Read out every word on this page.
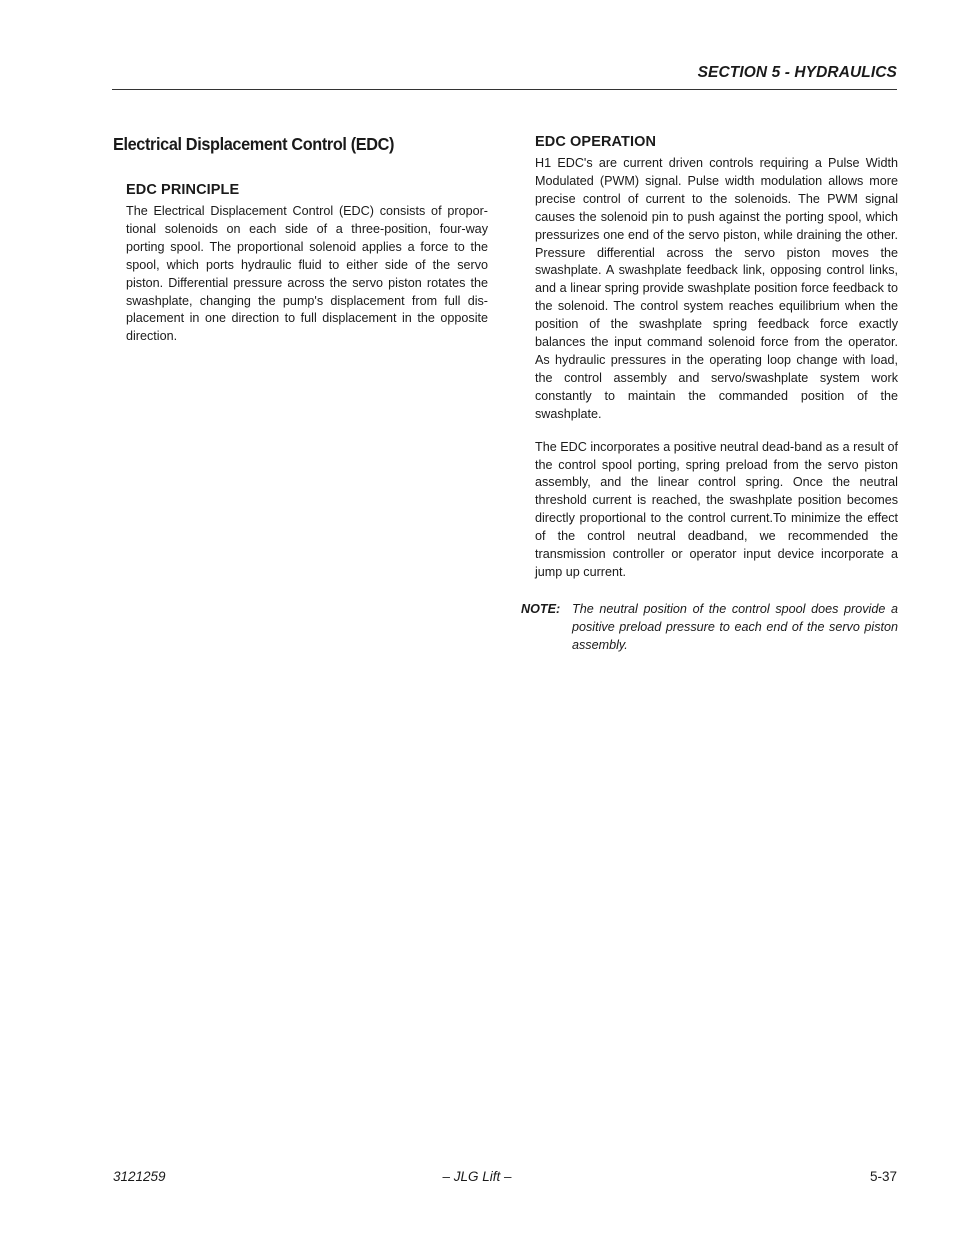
SECTION 5 - HYDRAULICS
Electrical Displacement Control (EDC)
EDC PRINCIPLE

The Electrical Displacement Control (EDC) consists of proportional solenoids on each side of a three-position, four-way porting spool. The proportional solenoid applies a force to the spool, which ports hydraulic fluid to either side of the servo piston. Differential pressure across the servo piston rotates the swashplate, changing the pump's displacement from full displacement in one direction to full displacement in the opposite direction.

EDC OPERATION

H1 EDC's are current driven controls requiring a Pulse Width Modulated (PWM) signal. Pulse width modulation allows more precise control of current to the solenoids. The PWM signal causes the solenoid pin to push against the porting spool, which pressurizes one end of the servo piston, while draining the other. Pressure differential across the servo piston moves the swashplate. A swashplate feedback link, opposing control links, and a linear spring provide swashplate position force feedback to the solenoid. The control system reaches equilibrium when the position of the swashplate spring feedback force exactly balances the input command solenoid force from the operator. As hydraulic pressures in the operating loop change with load, the control assembly and servo/swashplate system work constantly to maintain the commanded position of the swashplate.

The EDC incorporates a positive neutral dead-band as a result of the control spool porting, spring preload from the servo piston assembly, and the linear control spring. Once the neutral threshold current is reached, the swashplate position becomes directly proportional to the control current.To minimize the effect of the control neutral deadband, we recommended the transmission controller or operator input device incorporate a jump up current.

NOTE: The neutral position of the control spool does provide a positive preload pressure to each end of the servo piston assembly.
– JLG Lift –
3121259	5-37
